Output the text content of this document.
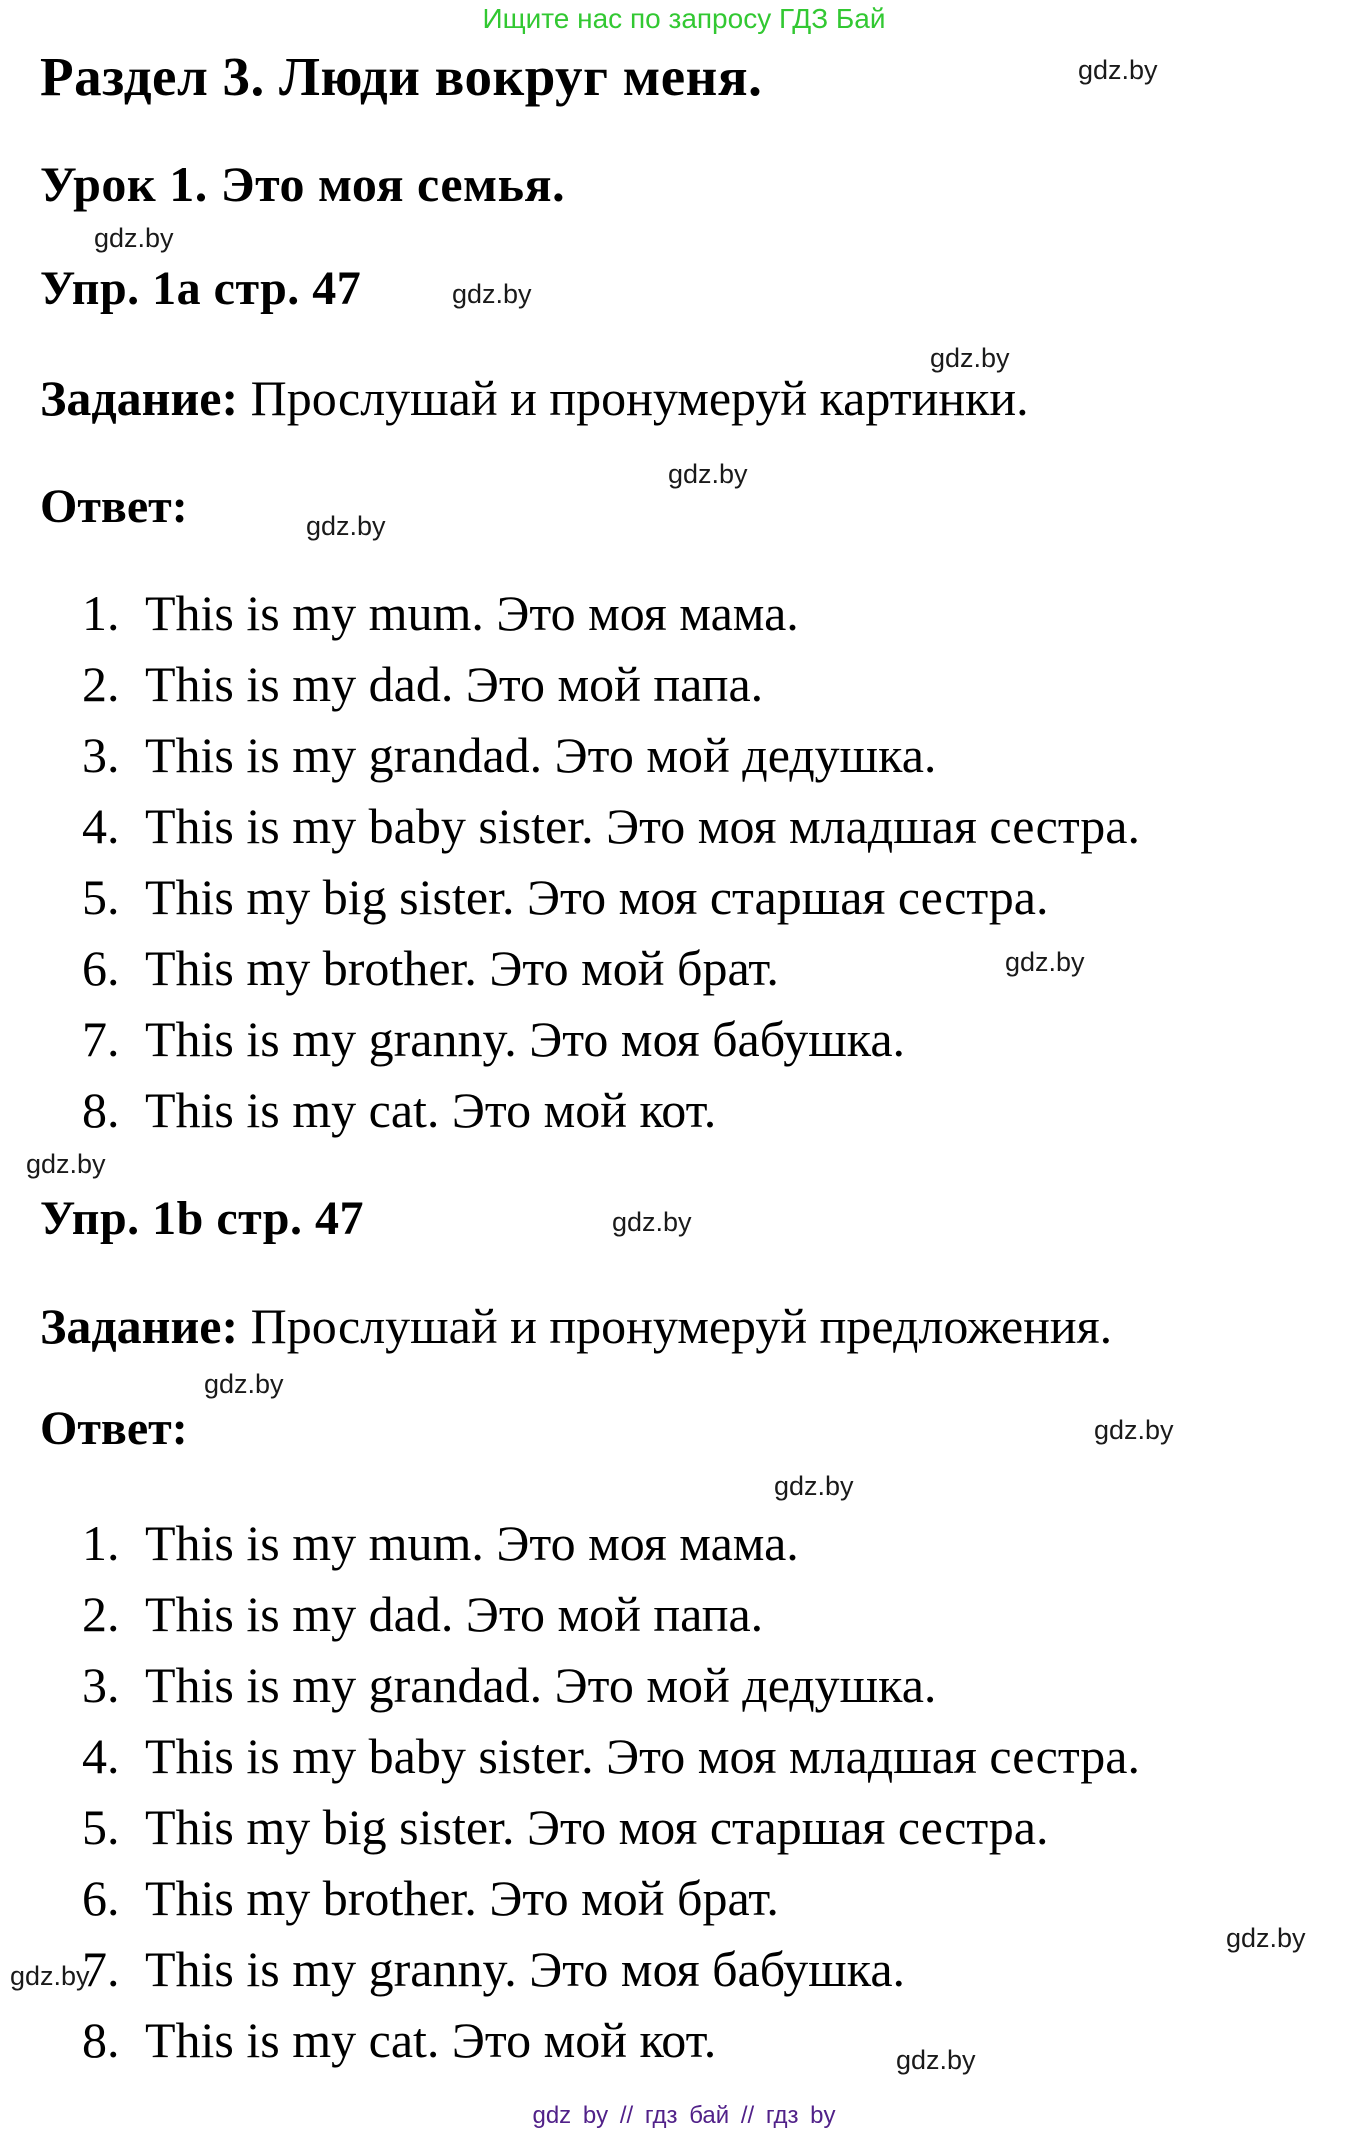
Ищите нас по запросу ГДЗ Бай
Раздел 3. Люди вокруг меня.	gdz.by
Урок 1. Это моя семья.
gdz.by
Упр. 1a стр. 47	gdz.by
gdz.by
Задание: Прослушай и пронумеруй картинки.
gdz.by
Ответ:	gdz.by
1. This is my mum. Это моя мама.
2. This is my dad. Это мой папа.
3. This is my grandad. Это мой дедушка.
4. This is my baby sister. Это моя младшая сестра.
5. This my big sister. Это моя старшая сестра.
6. This my brother. Это мой брат.
7. This is my granny. Это моя бабушка.
8. This is my cat. Это мой кот.
gdz.by
gdz.by
Упр. 1b стр. 47	gdz.by
Задание: Прослушай и пронумеруй предложения.
gdz.by
Ответ:	gdz.by
gdz.by
1. This is my mum. Это моя мама.
2. This is my dad. Это мой папа.
3. This is my grandad. Это мой дедушка.
4. This is my baby sister. Это моя младшая сестра.
5. This my big sister. Это моя старшая сестра.
6. This my brother. Это мой брат.
7. This is my granny. Это моя бабушка.
8. This is my cat. Это мой кот.
gdz.by
gdz.by
gdz.by
gdz by // гдз бай // гдз by
